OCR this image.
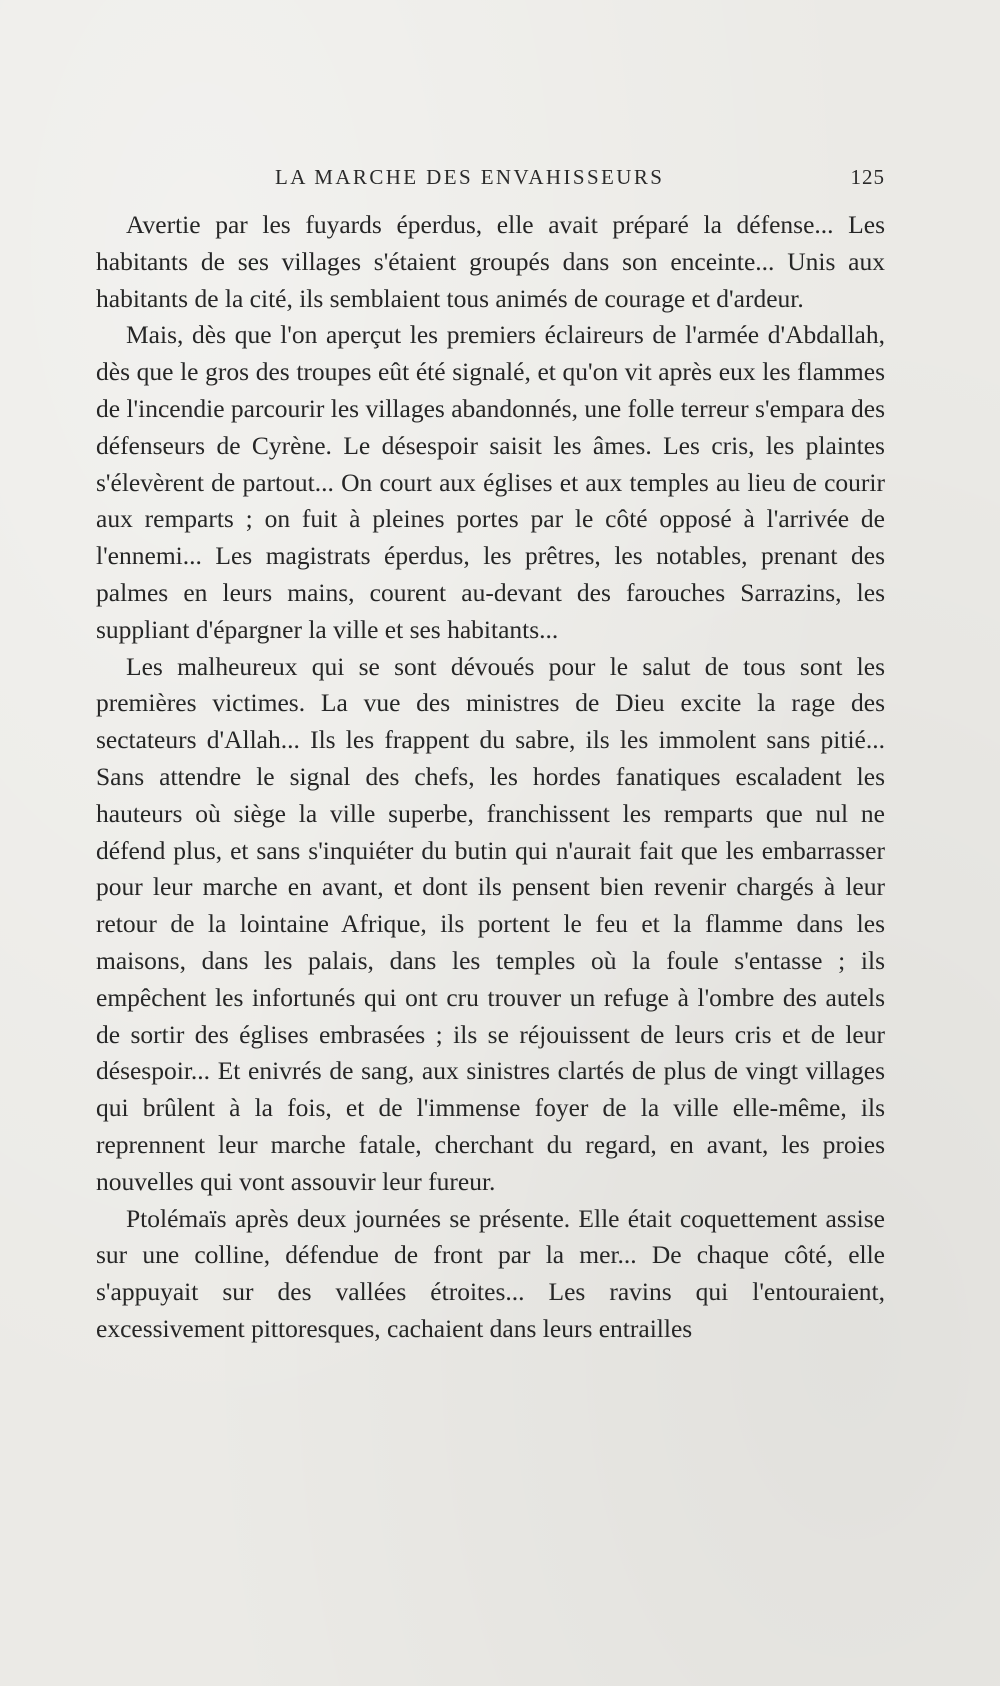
LA MARCHE DES ENVAHISSEURS	125

Avertie par les fuyards éperdus, elle avait préparé la défense... Les habitants de ses villages s'étaient groupés dans son enceinte... Unis aux habitants de la cité, ils semblaient tous animés de courage et d'ardeur.

Mais, dès que l'on aperçut les premiers éclaireurs de l'armée d'Abdallah, dès que le gros des troupes eût été signalé, et qu'on vit après eux les flammes de l'incendie parcourir les villages abandonnés, une folle terreur s'empara des défenseurs de Cyrène. Le désespoir saisit les âmes. Les cris, les plaintes s'élevèrent de partout... On court aux églises et aux temples au lieu de courir aux remparts ; on fuit à pleines portes par le côté opposé à l'arrivée de l'ennemi... Les magistrats éperdus, les prêtres, les notables, prenant des palmes en leurs mains, courent au-devant des farouches Sarrazins, les suppliant d'épargner la ville et ses habitants...

Les malheureux qui se sont dévoués pour le salut de tous sont les premières victimes. La vue des ministres de Dieu excite la rage des sectateurs d'Allah... Ils les frappent du sabre, ils les immolent sans pitié... Sans attendre le signal des chefs, les hordes fanatiques escaladent les hauteurs où siège la ville superbe, franchissent les remparts que nul ne défend plus, et sans s'inquiéter du butin qui n'aurait fait que les embarrasser pour leur marche en avant, et dont ils pensent bien revenir chargés à leur retour de la lointaine Afrique, ils portent le feu et la flamme dans les maisons, dans les palais, dans les temples où la foule s'entasse ; ils empêchent les infortunés qui ont cru trouver un refuge à l'ombre des autels de sortir des églises embrasées ; ils se réjouissent de leurs cris et de leur désespoir... Et enivrés de sang, aux sinistres clartés de plus de vingt villages qui brûlent à la fois, et de l'immense foyer de la ville elle-même, ils reprennent leur marche fatale, cherchant du regard, en avant, les proies nouvelles qui vont assouvir leur fureur.

Ptolémaïs après deux journées se présente. Elle était coquettement assise sur une colline, défendue de front par la mer... De chaque côté, elle s'appuyait sur des vallées étroites... Les ravins qui l'entouraient, excessivement pittoresques, cachaient dans leurs entrailles
